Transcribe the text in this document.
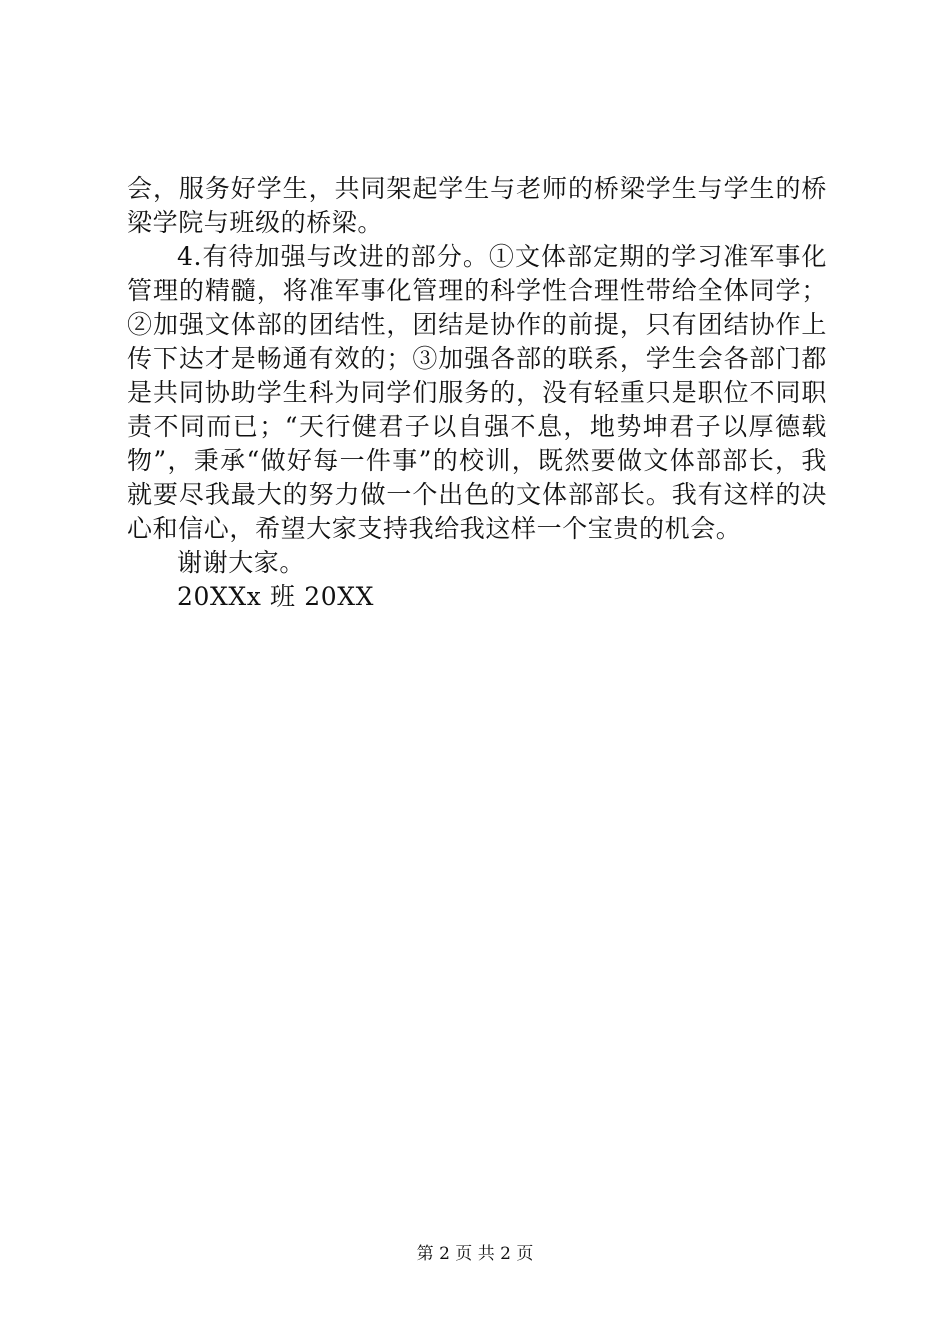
会，服务好学生，共同架起学生与老师的桥梁学生与学生的桥梁学院与班级的桥梁。

4.有待加强与改进的部分。①文体部定期的学习准军事化管理的精髓，将准军事化管理的科学性合理性带给全体同学；②加强文体部的团结性，团结是协作的前提，只有团结协作上传下达才是畅通有效的；③加强各部的联系，学生会各部门都是共同协助学生科为同学们服务的，没有轻重只是职位不同职责不同而已；“天行健君子以自强不息，地势坤君子以厚德载物”，秉承“做好每一件事”的校训，既然要做文体部部长，我就要尽我最大的努力做一个出色的文体部部长。我有这样的决心和信心，希望大家支持我给我这样一个宝贵的机会。

谢谢大家。

20XXx 班 20XX

第 2 页 共 2 页
